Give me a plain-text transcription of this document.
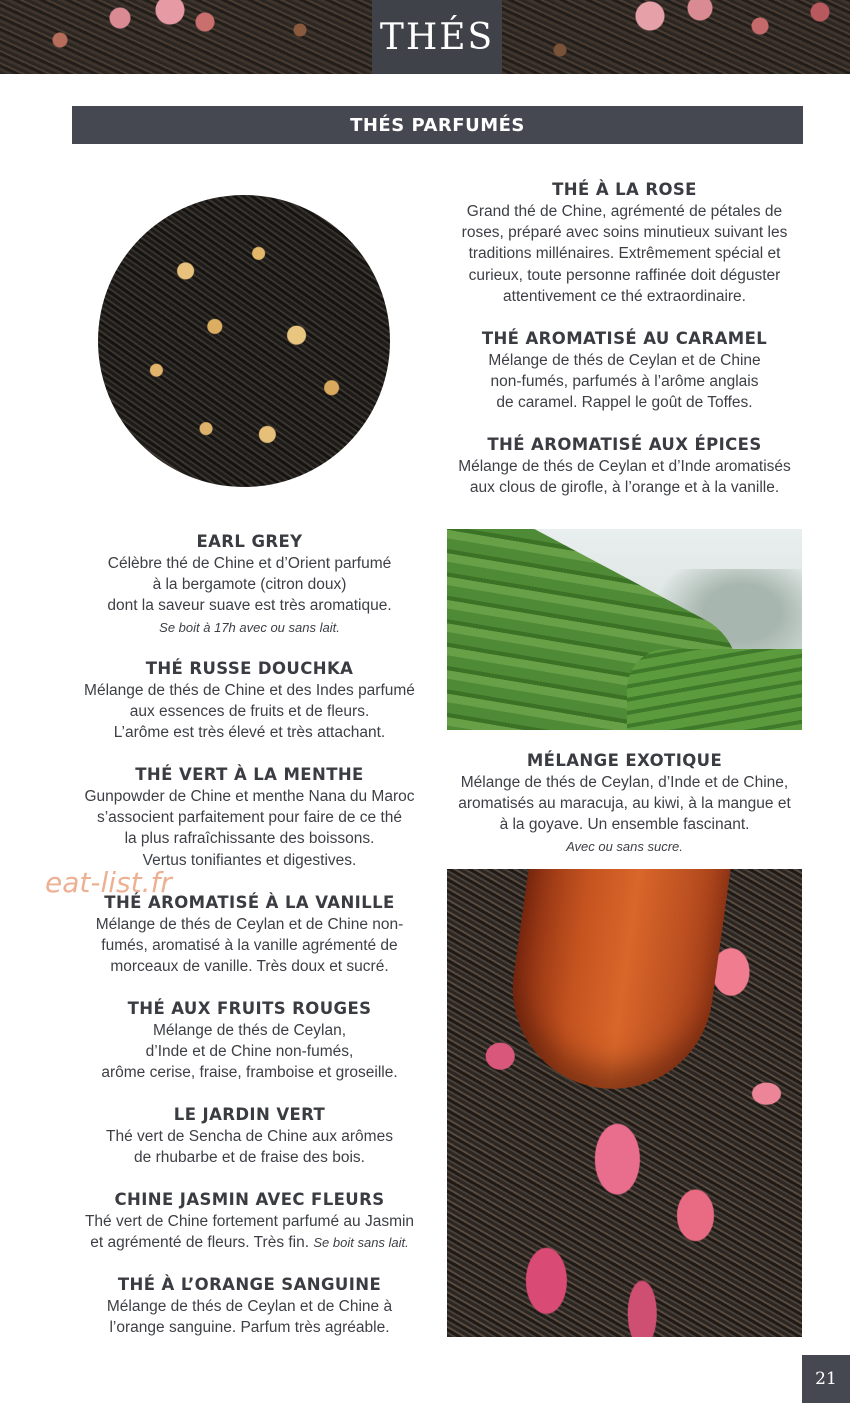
THÉS
THÉS PARFUMÉS
THÉ À LA ROSE
Grand thé de Chine, agrémenté de pétales de
roses, préparé avec soins minutieux suivant les
traditions millénaires. Extrêmement spécial et
curieux, toute personne raffinée doit déguster
attentivement ce thé extraordinaire.
THÉ AROMATISÉ AU CARAMEL
Mélange de thés de Ceylan et de Chine
non-fumés, parfumés à l’arôme anglais
de caramel. Rappel le goût de Toffes.
THÉ AROMATISÉ AUX ÉPICES
Mélange de thés de Ceylan et d’Inde aromatisés
aux clous de girofle, à l’orange et à la vanille.
EARL GREY
Célèbre thé de Chine et d’Orient parfumé
à la bergamote (citron doux)
dont la saveur suave est très aromatique.
Se boit à 17h avec ou sans lait.
THÉ RUSSE DOUCHKA
Mélange de thés de Chine et des Indes parfumé
aux essences de fruits et de fleurs.
L’arôme est très élevé et très attachant.
THÉ VERT À LA MENTHE
Gunpowder de Chine et menthe Nana du Maroc
s’associent parfaitement pour faire de ce thé
la plus rafraîchissante des boissons.
Vertus tonifiantes et digestives.
THÉ AROMATISÉ À LA VANILLE
Mélange de thés de Ceylan et de Chine non-
fumés, aromatisé à la vanille agrémenté de
morceaux de vanille. Très doux et sucré.
THÉ AUX FRUITS ROUGES
Mélange de thés de Ceylan,
d’Inde et de Chine non-fumés,
arôme cerise, fraise, framboise et groseille.
LE JARDIN VERT
Thé vert de Sencha de Chine aux arômes
de rhubarbe et de fraise des bois.
CHINE JASMIN AVEC FLEURS
Thé vert de Chine fortement parfumé au Jasmin
et agrémenté de fleurs. Très fin. Se boit sans lait.
THÉ À L’ORANGE SANGUINE
Mélange de thés de Ceylan et de Chine à
l’orange sanguine. Parfum très agréable.
MÉLANGE EXOTIQUE
Mélange de thés de Ceylan, d’Inde et de Chine,
aromatisés au maracuja, au kiwi, à la mangue et
à la goyave. Un ensemble fascinant.
Avec ou sans sucre.
eat-list.fr
21
